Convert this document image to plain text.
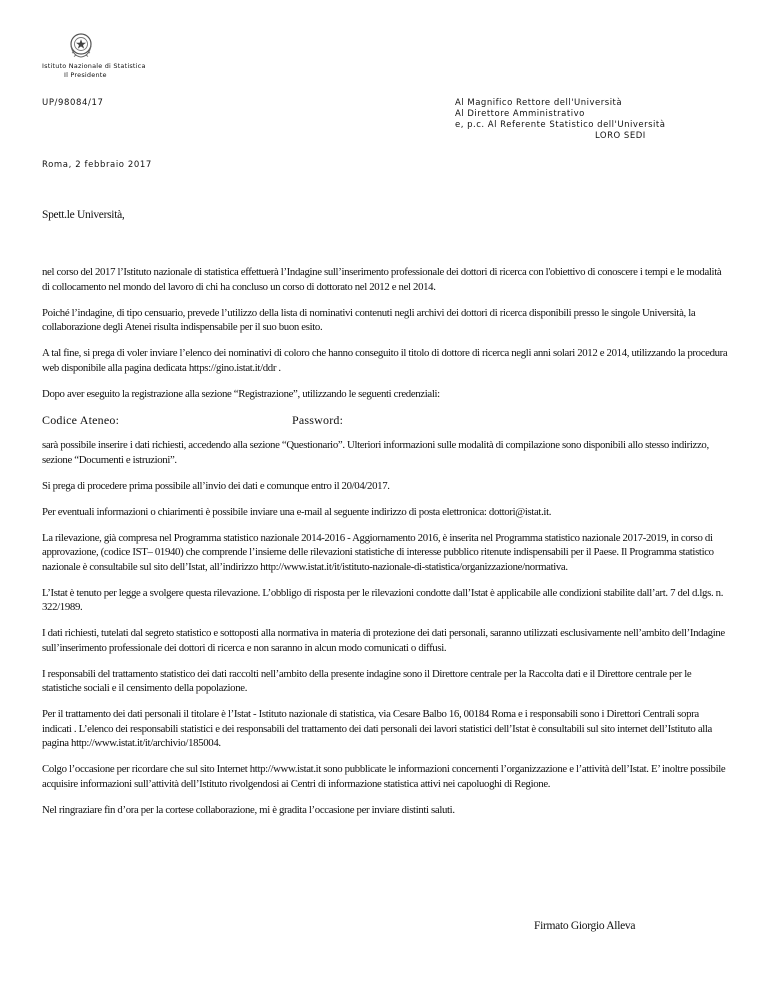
Istituto Nazionale di Statistica
Il Presidente
UP/98084/17	Al Magnifico Rettore dell'Università
Al Direttore Amministrativo
e, p.c. Al Referente Statistico dell'Università
LORO SEDI
Roma, 2 febbraio 2017
Spett.le Università,

nel corso del 2017 l’Istituto nazionale di statistica effettuerà l’Indagine sull’inserimento professionale dei dottori di ricerca con l'obiettivo di conoscere i tempi e le modalità di collocamento nel mondo del lavoro di chi ha concluso un corso di dottorato nel 2012 e nel 2014.

Poiché l’indagine, di tipo censuario, prevede l’utilizzo della lista di nominativi contenuti negli archivi dei dottori di ricerca disponibili presso le singole Università, la collaborazione degli Atenei risulta indispensabile per il suo buon esito.

A tal fine, si prega di voler inviare l’elenco dei nominativi di coloro che hanno conseguito il titolo di dottore di ricerca negli anni solari 2012 e 2014, utilizzando la procedura web disponibile alla pagina dedicata https://gino.istat.it/ddr .

Dopo aver eseguito la registrazione alla sezione “Registrazione”, utilizzando le seguenti credenziali:

Codice Ateneo:	Password:

sarà possibile inserire i dati richiesti, accedendo alla sezione “Questionario”. Ulteriori informazioni sulle modalità di compilazione sono disponibili allo stesso indirizzo, sezione “Documenti e istruzioni”.

Si prega di procedere prima possibile all’invio dei dati e comunque entro il 20/04/2017.

Per eventuali informazioni o chiarimenti è possibile inviare una e-mail al seguente indirizzo di posta elettronica: dottori@istat.it.

La rilevazione, già compresa nel Programma statistico nazionale 2014-2016 - Aggiornamento 2016, è inserita nel Programma statistico nazionale 2017-2019, in corso di approvazione, (codice IST– 01940) che comprende l’insieme delle rilevazioni statistiche di interesse pubblico ritenute indispensabili per il Paese. Il Programma statistico nazionale è consultabile sul sito dell’Istat, all’indirizzo http://www.istat.it/it/istituto-nazionale-di-statistica/organizzazione/normativa.

L’Istat è tenuto per legge a svolgere questa rilevazione. L’obbligo di risposta per le rilevazioni condotte dall’Istat è applicabile alle condizioni stabilite dall’art. 7 del d.lgs. n. 322/1989.

I dati richiesti, tutelati dal segreto statistico e sottoposti alla normativa in materia di protezione dei dati personali, saranno utilizzati esclusivamente nell’ambito dell’Indagine sull’inserimento professionale dei dottori di ricerca e non saranno in alcun modo comunicati o diffusi.

I responsabili del trattamento statistico dei dati raccolti nell’ambito della presente indagine sono il Direttore centrale per la Raccolta dati e il Direttore centrale per le statistiche sociali e il censimento della popolazione.

Per il trattamento dei dati personali il titolare è l’Istat - Istituto nazionale di statistica, via Cesare Balbo 16, 00184 Roma e i responsabili sono i Direttori Centrali sopra indicati . L’elenco dei responsabili statistici e dei responsabili del trattamento dei dati personali dei lavori statistici dell’Istat è consultabili sul sito internet dell’Istituto alla pagina http://www.istat.it/it/archivio/185004.

Colgo l’occasione per ricordare che sul sito Internet http://www.istat.it sono pubblicate le informazioni concernenti l’organizzazione e l’attività dell’Istat. E’ inoltre possibile acquisire informazioni sull’attività dell’Istituto rivolgendosi ai Centri di informazione statistica attivi nei capoluoghi di Regione.

Nel ringraziare fin d’ora per la cortese collaborazione, mi è gradita l’occasione per inviare distinti saluti.

Firmato Giorgio Alleva
